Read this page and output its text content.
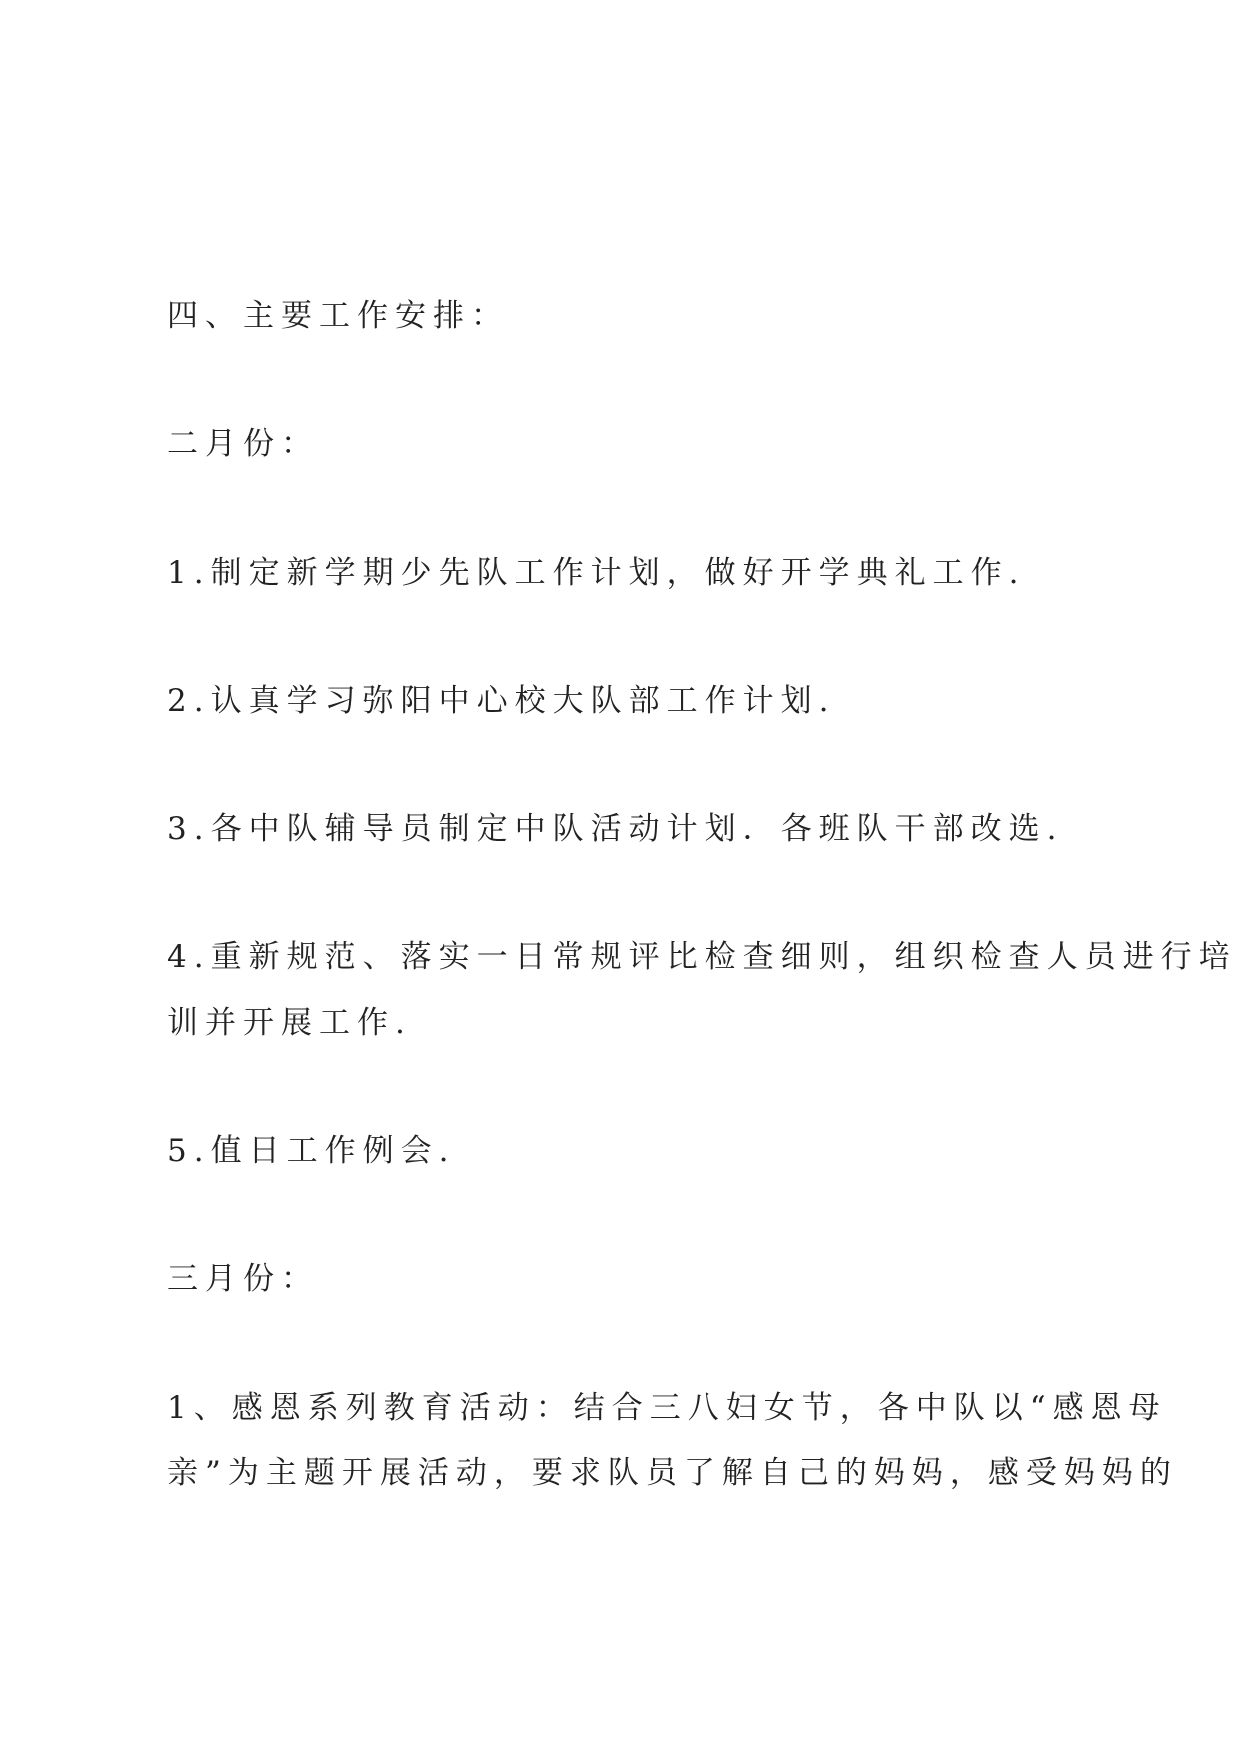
四、主要工作安排：
二月份：
1.制定新学期少先队工作计划，做好开学典礼工作.
2.认真学习弥阳中心校大队部工作计划.
3.各中队辅导员制定中队活动计划．各班队干部改选.
4.重新规范、落实一日常规评比检查细则，组织检查人员进行培
训并开展工作.
5.值日工作例会.
三月份：
1、感恩系列教育活动：结合三八妇女节，各中队以“感恩母
亲”为主题开展活动，要求队员了解自己的妈妈，感受妈妈的
